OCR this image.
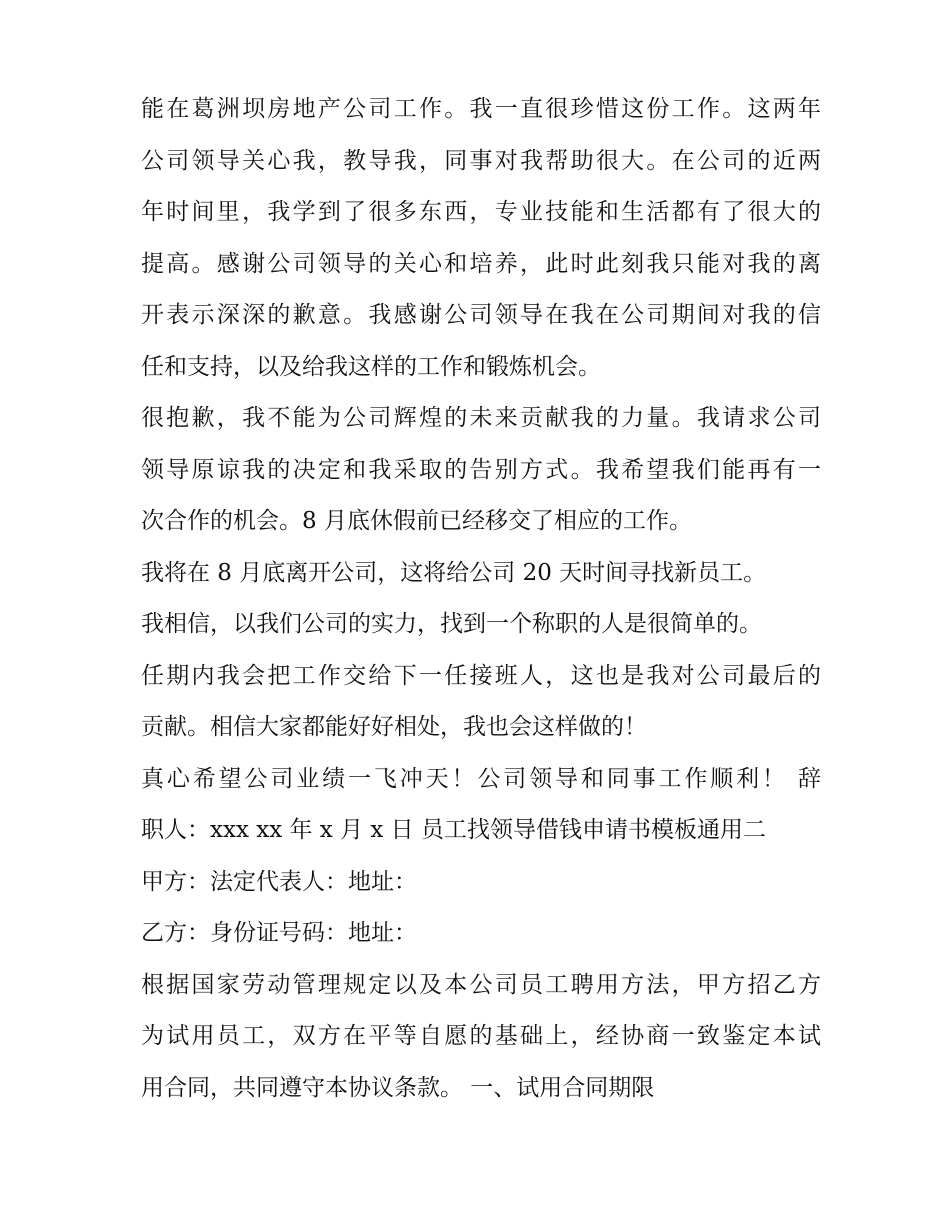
能在葛洲坝房地产公司工作。我一直很珍惜这份工作。这两年
公司领导关心我，教导我，同事对我帮助很大。在公司的近两
年时间里，我学到了很多东西，专业技能和生活都有了很大的
提高。感谢公司领导的关心和培养，此时此刻我只能对我的离
开表示深深的歉意。我感谢公司领导在我在公司期间对我的信
任和支持，以及给我这样的工作和锻炼机会。
很抱歉，我不能为公司辉煌的未来贡献我的力量。我请求公司
领导原谅我的决定和我采取的告别方式。我希望我们能再有一
次合作的机会。8 月底休假前已经移交了相应的工作。
我将在 8 月底离开公司，这将给公司 20 天时间寻找新员工。
我相信，以我们公司的实力，找到一个称职的人是很简单的。
任期内我会把工作交给下一任接班人，这也是我对公司最后的
贡献。相信大家都能好好相处，我也会这样做的！
真心希望公司业绩一飞冲天！公司领导和同事工作顺利！ 辞
职人：xxx xx 年 x 月 x 日 员工找领导借钱申请书模板通用二
甲方：法定代表人：地址：
乙方：身份证号码：地址：
根据国家劳动管理规定以及本公司员工聘用方法，甲方招乙方
为试用员工，双方在平等自愿的基础上，经协商一致鉴定本试
用合同，共同遵守本协议条款。 一、试用合同期限
